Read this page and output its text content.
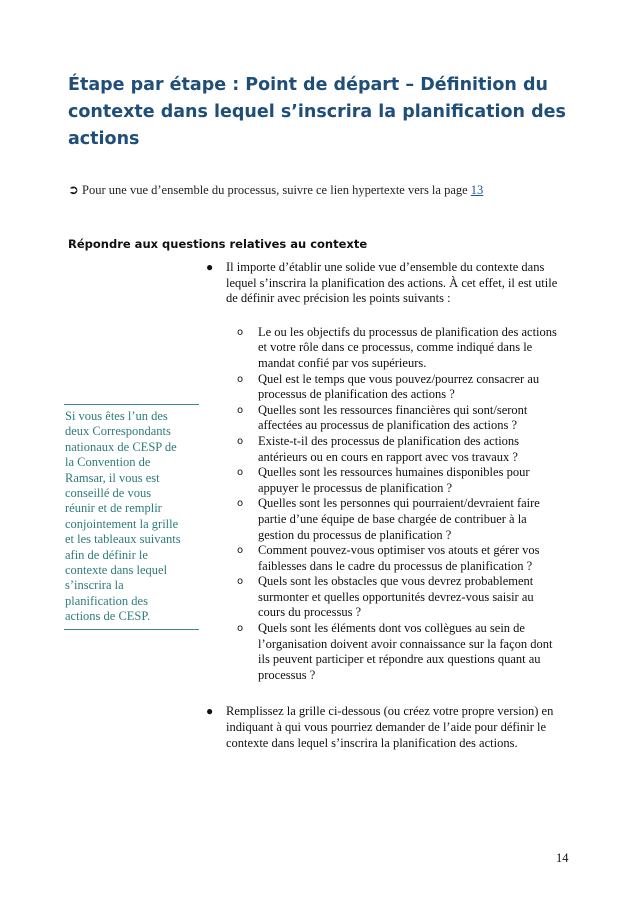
Étape par étape : Point de départ – Définition du
contexte dans lequel s’inscrira la planification des
actions
➲ Pour une vue d’ensemble du processus, suivre ce lien hypertexte vers la page 13
Répondre aux questions relatives au contexte
Si vous êtes l’un des
deux Correspondants
nationaux de CESP de
la Convention de
Ramsar, il vous est
conseillé de vous
réunir et de remplir
conjointement la grille
et les tableaux suivants
afin de définir le
contexte dans lequel
s’inscrira la
planification des
actions de CESP.
● Il importe d’établir une solide vue d’ensemble du contexte dans
lequel s’inscrira la planification des actions. À cet effet, il est utile
de définir avec précision les points suivants :
o Le ou les objectifs du processus de planification des actions
et votre rôle dans ce processus, comme indiqué dans le
mandat confié par vos supérieurs.
o Quel est le temps que vous pouvez/pourrez consacrer au
processus de planification des actions ?
o Quelles sont les ressources financières qui sont/seront
affectées au processus de planification des actions ?
o Existe-t-il des processus de planification des actions
antérieurs ou en cours en rapport avec vos travaux ?
o Quelles sont les ressources humaines disponibles pour
appuyer le processus de planification ?
o Quelles sont les personnes qui pourraient/devraient faire
partie d’une équipe de base chargée de contribuer à la
gestion du processus de planification ?
o Comment pouvez-vous optimiser vos atouts et gérer vos
faiblesses dans le cadre du processus de planification ?
o Quels sont les obstacles que vous devrez probablement
surmonter et quelles opportunités devrez-vous saisir au
cours du processus ?
o Quels sont les éléments dont vos collègues au sein de
l’organisation doivent avoir connaissance sur la façon dont
ils peuvent participer et répondre aux questions quant au
processus ?
● Remplissez la grille ci-dessous (ou créez votre propre version) en
indiquant à qui vous pourriez demander de l’aide pour définir le
contexte dans lequel s’inscrira la planification des actions.
14
